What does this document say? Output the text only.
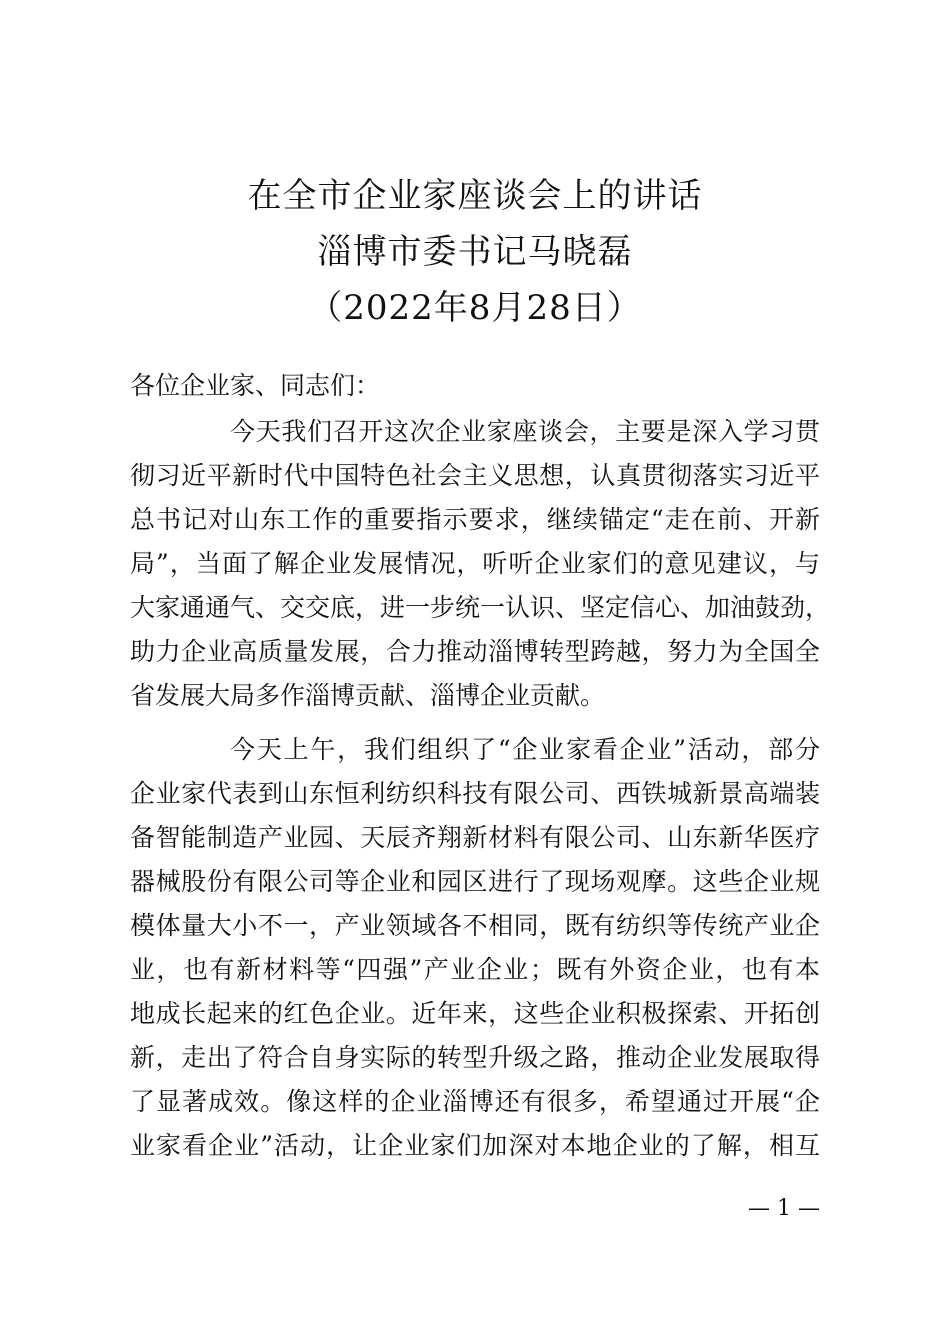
在全市企业家座谈会上的讲话
淄博市委书记马晓磊
（2022年8月28日）
各位企业家、同志们：
今天我们召开这次企业家座谈会，主要是深入学习贯
彻习近平新时代中国特色社会主义思想，认真贯彻落实习近平
总书记对山东工作的重要指示要求，继续锚定“走在前、开新
局”，当面了解企业发展情况，听听企业家们的意见建议，与
大家通通气、交交底，进一步统一认识、坚定信心、加油鼓劲，
助力企业高质量发展，合力推动淄博转型跨越，努力为全国全
省发展大局多作淄博贡献、淄博企业贡献。
今天上午，我们组织了“企业家看企业”活动，部分
企业家代表到山东恒利纺织科技有限公司、西铁城新景高端装
备智能制造产业园、天辰齐翔新材料有限公司、山东新华医疗
器械股份有限公司等企业和园区进行了现场观摩。这些企业规
模体量大小不一，产业领域各不相同，既有纺织等传统产业企
业，也有新材料等“四强”产业企业；既有外资企业，也有本
地成长起来的红色企业。近年来，这些企业积极探索、开拓创
新，走出了符合自身实际的转型升级之路，推动企业发展取得
了显著成效。像这样的企业淄博还有很多，希望通过开展“企
业家看企业”活动，让企业家们加深对本地企业的了解，相互
— 1 —
